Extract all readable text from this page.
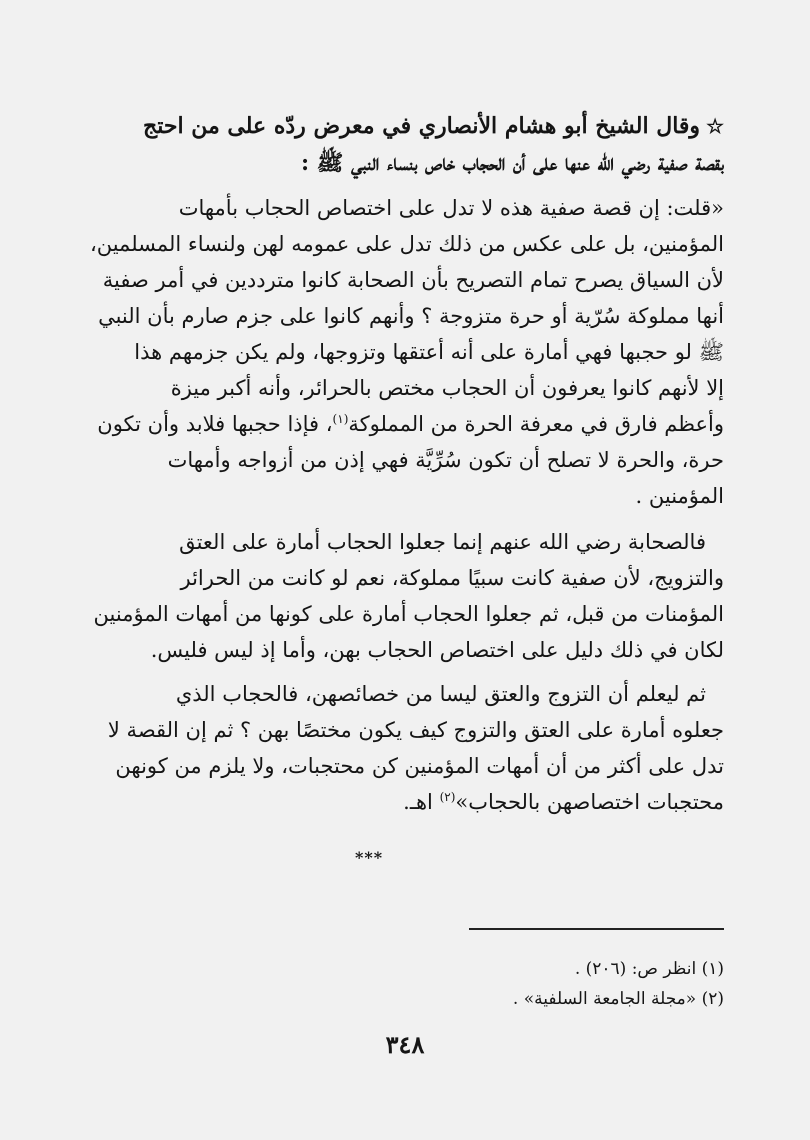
☆وقال الشيخ أبو هشام الأنصاري في معرض ردّه على من احتج
بقصة صفية رضي الله عنها على أن الحجاب خاص بنساء النبي ﷺ :
«قلت: إن قصة صفية هذه لا تدل على اختصاص الحجاب بأمهات
المؤمنين، بل على عكس من ذلك تدل على عمومه لهن ولنساء المسلمين،
لأن السياق يصرح تمام التصريح بأن الصحابة كانوا مترددين في أمر صفية
أنها مملوكة سُرّية أو حرة متزوجة ؟ وأنهم كانوا على جزم صارم بأن النبي
ﷺ لو حجبها فهي أمارة على أنه أعتقها وتزوجها، ولم يكن جزمهم هذا
إلا لأنهم كانوا يعرفون أن الحجاب مختص بالحرائر، وأنه أكبر ميزة
وأعظم فارق في معرفة الحرة من المملوكة$^{(١)}$، فإذا حجبها فلابد وأن تكون
حرة، والحرة لا تصلح أن تكون سُرِّيَّة فهي إذن من أزواجه وأمهات
المؤمنين .
فالصحابة رضي الله عنهم إنما جعلوا الحجاب أمارة على العتق
والتزويج، لأن صفية كانت سبيًا مملوكة، نعم لو كانت من الحرائر
المؤمنات من قبل، ثم جعلوا الحجاب أمارة على كونها من أمهات المؤمنين
لكان في ذلك دليل على اختصاص الحجاب بهن، وأما إذ ليس فليس.
ثم ليعلم أن التزوج والعتق ليسا من خصائصهن، فالحجاب الذي
جعلوه أمارة على العتق والتزوج كيف يكون مختصًا بهن ؟ ثم إن القصة لا
تدل على أكثر من أن أمهات المؤمنين كن محتجبات، ولا يلزم من كونهن
محتجبات اختصاصهن بالحجاب»$^{(٢)}$ اهـ.
***
(١) انظر ص: (٢٠٦) .
(٢) «مجلة الجامعة السلفية» .
٣٤٨
